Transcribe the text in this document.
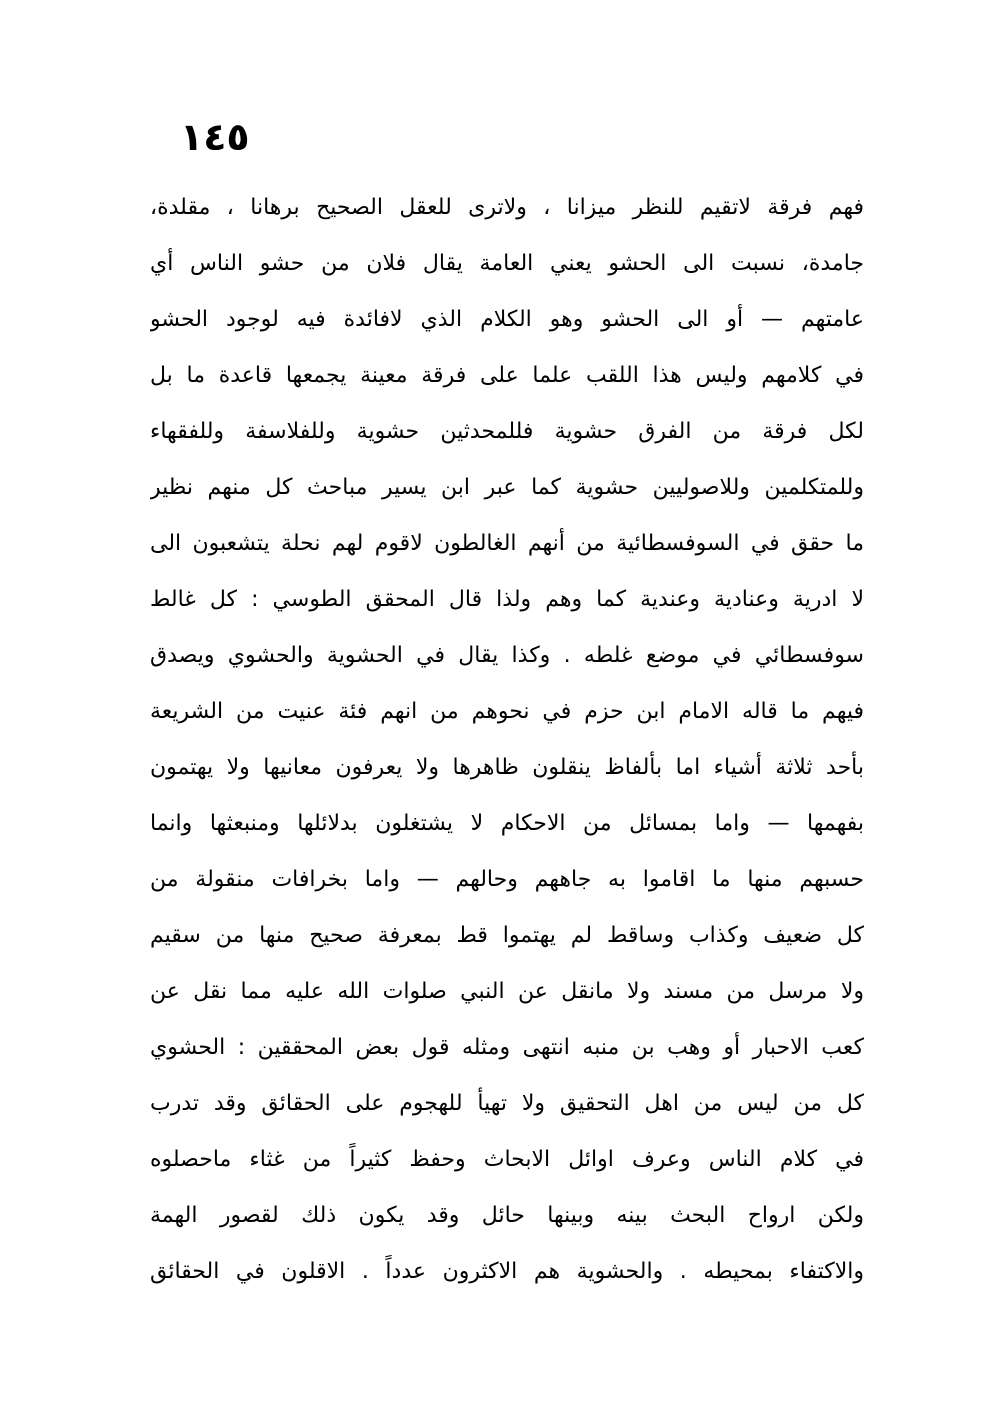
١٤٥
فهم فرقة لاتقيم للنظر ميزانا ، ولاترى للعقل الصحيح برهانا ، مقلدة،
جامدة، نسبت الى الحشو يعني العامة يقال فلان من حشو الناس أي
عامتهم — أو الى الحشو وهو الكلام الذي لافائدة فيه لوجود الحشو
في كلامهم وليس هذا اللقب علما على فرقة معينة يجمعها قاعدة ما بل
لكل فرقة من الفرق حشوية فللمحدثين حشوية وللفلاسفة وللفقهاء
وللمتكلمين وللاصوليين حشوية كما عبر ابن يسير مباحث كل منهم نظير
ما حقق في السوفسطائية من أنهم الغالطون لاقوم لهم نحلة يتشعبون الى
لا ادرية وعنادية وعندية كما وهم ولذا قال المحقق الطوسي : كل غالط
سوفسطائي في موضع غلطه . وكذا يقال في الحشوية والحشوي ويصدق
فيهم ما قاله الامام ابن حزم في نحوهم من انهم فئة عنيت من الشريعة
بأحد ثلاثة أشياء اما بألفاظ ينقلون ظاهرها ولا يعرفون معانيها ولا يهتمون
بفهمها — واما بمسائل من الاحكام لا يشتغلون بدلائلها ومنبعثها وانما
حسبهم منها ما اقاموا به جاههم وحالهم — واما بخرافات منقولة من
كل ضعيف وكذاب وساقط لم يهتموا قط بمعرفة صحيح منها من سقيم
ولا مرسل من مسند ولا مانقل عن النبي صلوات الله عليه مما نقل عن
كعب الاحبار أو وهب بن منبه انتهى ومثله قول بعض المحققين : الحشوي
كل من ليس من اهل التحقيق ولا تهيأ للهجوم على الحقائق وقد تدرب
في كلام الناس وعرف اوائل الابحاث وحفظ كثيراً من غثاء ماحصلوه
ولكن ارواح البحث بينه وبينها حائل وقد يكون ذلك لقصور الهمة
والاكتفاء بمحيطه . والحشوية هم الاكثرون عدداً . الاقلون في الحقائق
